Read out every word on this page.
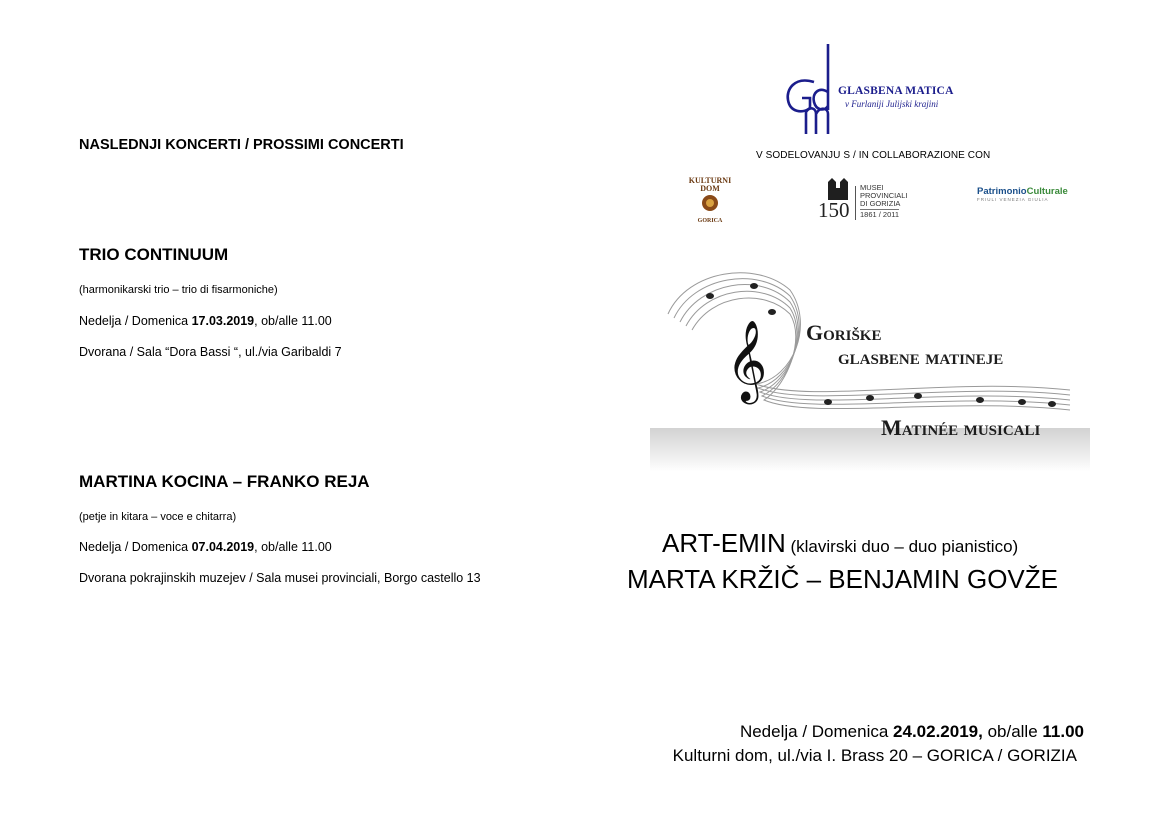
NASLEDNJI KONCERTI / PROSSIMI CONCERTI
TRIO CONTINUUM
(harmonikarski trio – trio di fisarmoniche)
Nedelja / Domenica 17.03.2019, ob/alle 11.00
Dvorana / Sala “Dora Bassi “, ul./via Garibaldi 7
MARTINA KOCINA – FRANKO REJA
(petje in kitara – voce e chitarra)
Nedelja / Domenica 07.04.2019, ob/alle 11.00
Dvorana pokrajinskih muzejev / Sala musei provinciali, Borgo castello 13
GLASBENA MATICA
v Furlaniji Julijski krajini
V SODELOVANJU S / IN COLLABORAZIONE CON
KULTURNI
DOM
GORICA	150
MUSEI
PROVINCIALI
DI GORIZIA
1861 / 2011
PatrimonioCulturale
FRIULI VENEZIA GIULIA
𝄞 Goriške
glasbene matineje
Matinée musicali
ART-EMIN (klavirski duo – duo pianistico)
MARTA KRŽIČ – BENJAMIN GOVŽE
Nedelja / Domenica 24.02.2019, ob/alle 11.00
Kulturni dom, ul./via I. Brass 20 – GORICA / GORIZIA
